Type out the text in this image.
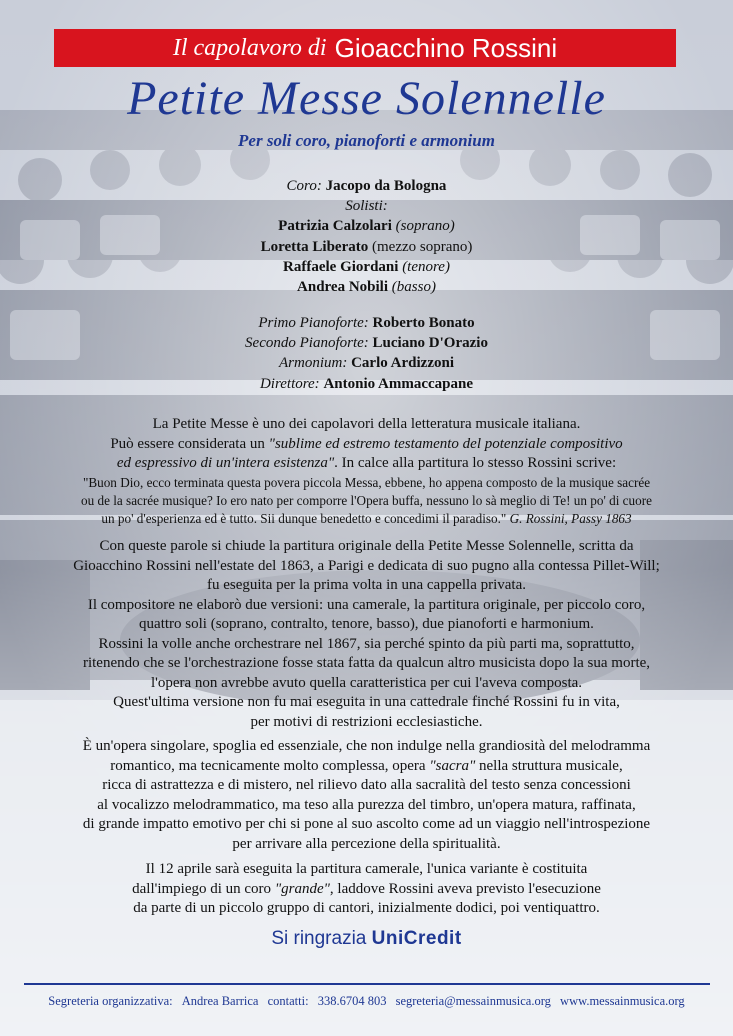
Il capolavoro di Gioacchino Rossini
Petite Messe Solennelle
Per soli coro, pianoforti e armonium
Coro: Jacopo da Bologna
Solisti:
Patrizia Calzolari (soprano)
Loretta Liberato (mezzo soprano)
Raffaele Giordani (tenore)
Andrea Nobili (basso)
Primo Pianoforte: Roberto Bonato
Secondo Pianoforte: Luciano D'Orazio
Armonium: Carlo Ardizzoni
Direttore: Antonio Ammaccapane
La Petite Messe è uno dei capolavori della letteratura musicale italiana.
Può essere considerata un "sublime ed estremo testamento del potenziale compositivo
ed espressivo di un'intera esistenza". In calce alla partitura lo stesso Rossini scrive:
"Buon Dio, ecco terminata questa povera piccola Messa, ebbene, ho appena composto de la musique sacrée
ou de la sacrée musique? Io ero nato per comporre l'Opera buffa, nessuno lo sà meglio di Te! un po' di cuore
un po' d'esperienza ed è tutto. Sii dunque benedetto e concedimi il paradiso." G. Rossini, Passy 1863
Con queste parole si chiude la partitura originale della Petite Messe Solennelle, scritta da
Gioacchino Rossini nell'estate del 1863, a Parigi e dedicata di suo pugno alla contessa Pillet-Will;
fu eseguita per la prima volta in una cappella privata.
Il compositore ne elaborò due versioni: una camerale, la partitura originale, per piccolo coro,
quattro soli (soprano, contralto, tenore, basso), due pianoforti e harmonium.
Rossini la volle anche orchestrare nel 1867, sia perché spinto da più parti ma, soprattutto,
ritenendo che se l'orchestrazione fosse stata fatta da qualcun altro musicista dopo la sua morte,
l'opera non avrebbe avuto quella caratteristica per cui l'aveva composta.
Quest'ultima versione non fu mai eseguita in una cattedrale finché Rossini fu in vita,
per motivi di restrizioni ecclesiastiche.
È un'opera singolare, spoglia ed essenziale, che non indulge nella grandiosità del melodramma
romantico, ma tecnicamente molto complessa, opera "sacra" nella struttura musicale,
ricca di astrattezza e di mistero, nel rilievo dato alla sacralità del testo senza concessioni
al vocalizzo melodrammatico, ma teso alla purezza del timbro, un'opera matura, raffinata,
di grande impatto emotivo per chi si pone al suo ascolto come ad un viaggio nell'introspezione
per arrivare alla percezione della spiritualità.
Il 12 aprile sarà eseguita la partitura camerale, l'unica variante è costituita
dall'impiego di un coro "grande", laddove Rossini aveva previsto l'esecuzione
da parte di un piccolo gruppo di cantori, inizialmente dodici, poi ventiquattro.
Si ringrazia UniCredit
Segreteria organizzativa: Andrea Barrica contatti: 338.6704 803 segreteria@messainmusica.org www.messainmusica.org
